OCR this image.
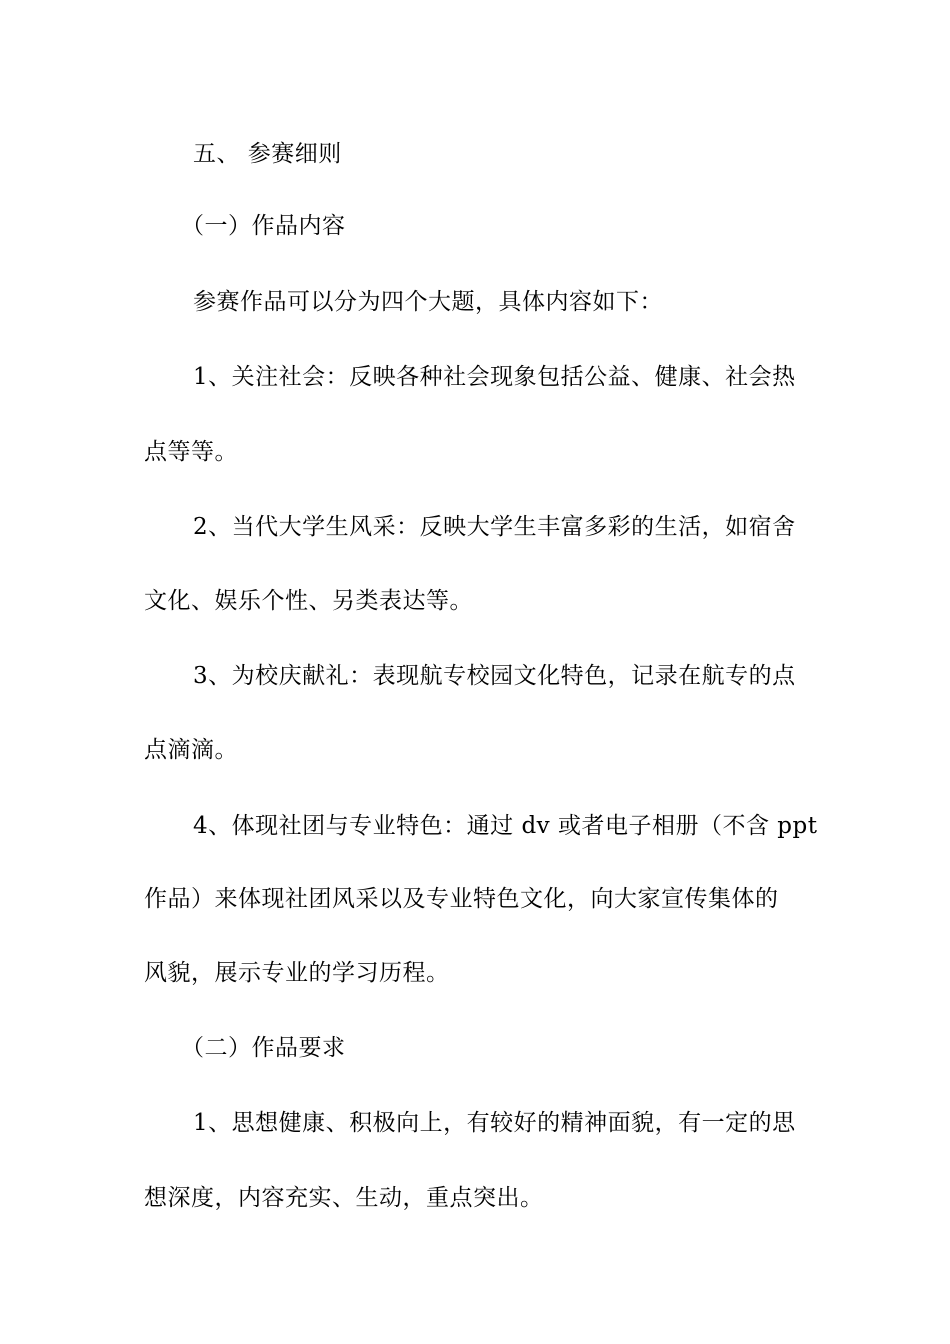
五、 参赛细则
（一）作品内容
参赛作品可以分为四个大题，具体内容如下：
1、关注社会：反映各种社会现象包括公益、健康、社会热
点等等。
2、当代大学生风采：反映大学生丰富多彩的生活，如宿舍
文化、娱乐个性、另类表达等。
3、为校庆献礼：表现航专校园文化特色，记录在航专的点
点滴滴。
4、体现社团与专业特色：通过 dv 或者电子相册（不含 ppt
作品）来体现社团风采以及专业特色文化，向大家宣传集体的
风貌，展示专业的学习历程。
（二）作品要求
1、思想健康、积极向上，有较好的精神面貌，有一定的思
想深度，内容充实、生动，重点突出。
